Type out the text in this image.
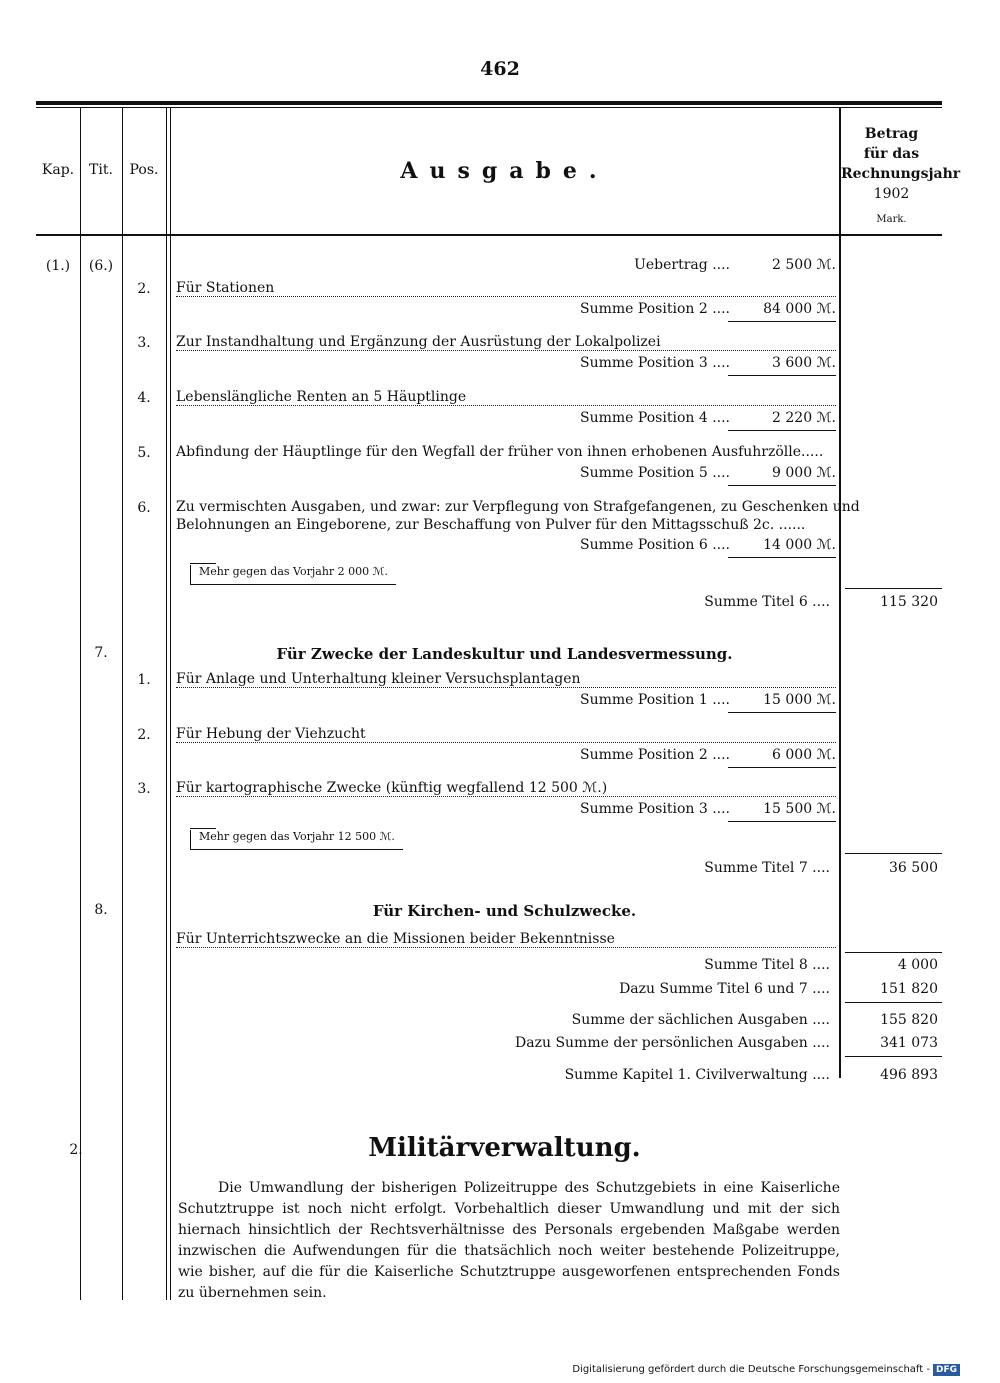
462
Kap.	Tit.	Pos.	Ausgabe.
Betrag
für das
Rechnungsjahr
1902
Mark.
(1.)	(6.)	Uebertrag ....	2 500 ℳ.
2.	Für Stationen
Summe Position 2 .... 84 000 ℳ.
3.	Zur Instandhaltung und Ergänzung der Ausrüstung der Lokalpolizei
Summe Position 3 ....	3 600 ℳ.
4.	Lebenslängliche Renten an 5 Häuptlinge
Summe Position 4 ....	2 220 ℳ.
5.	Abfindung der Häuptlinge für den Wegfall der früher von ihnen erhobenen Ausfuhrzölle.....
Summe Position 5 ....	9 000 ℳ.
6.	Zu vermischten Ausgaben, und zwar: zur Verpflegung von Strafgefangenen, zu Geschenken und
Belohnungen an Eingeborene, zur Beschaffung von Pulver für den Mittagsschuß 2c. ......
Summe Position 6 .... 14 000 ℳ.
Mehr gegen das Vorjahr 2 000 ℳ.
Summe Titel 6 ....	115 320
7.	Für Zwecke der Landeskultur und Landesvermessung.
1.	Für Anlage und Unterhaltung kleiner Versuchsplantagen
Summe Position 1 .... 15 000 ℳ.
2.	Für Hebung der Viehzucht
Summe Position 2 ....	6 000 ℳ.
3.	Für kartographische Zwecke (künftig wegfallend 12 500 ℳ.)
Summe Position 3 .... 15 500 ℳ.
Mehr gegen das Vorjahr 12 500 ℳ.
Summe Titel 7 ....	36 500
8.	Für Kirchen- und Schulzwecke.
Für Unterrichtszwecke an die Missionen beider Bekenntnisse
Summe Titel 8 ....	4 000
Dazu Summe Titel 6 und 7 ....	151 820
Summe der sächlichen Ausgaben ....	155 820
Dazu Summe der persönlichen Ausgaben ....	341 073
Summe Kapitel 1. Civilverwaltung ....	496 893
2.	Militärverwaltung.
Die Umwandlung der bisherigen Polizeitruppe des Schutzgebiets in eine Kaiserliche Schutztruppe ist noch nicht erfolgt. Vorbehaltlich dieser Umwandlung und mit der sich hiernach hinsichtlich der Rechtsverhältnisse des Personals ergebenden Maßgabe werden inzwischen die Aufwendungen für die thatsächlich noch weiter bestehende Polizeitruppe, wie bisher, auf die für die Kaiserliche Schutztruppe ausgeworfenen entsprechenden Fonds zu übernehmen sein.
Digitalisierung gefördert durch die Deutsche Forschungsgemeinschaft - DFG
